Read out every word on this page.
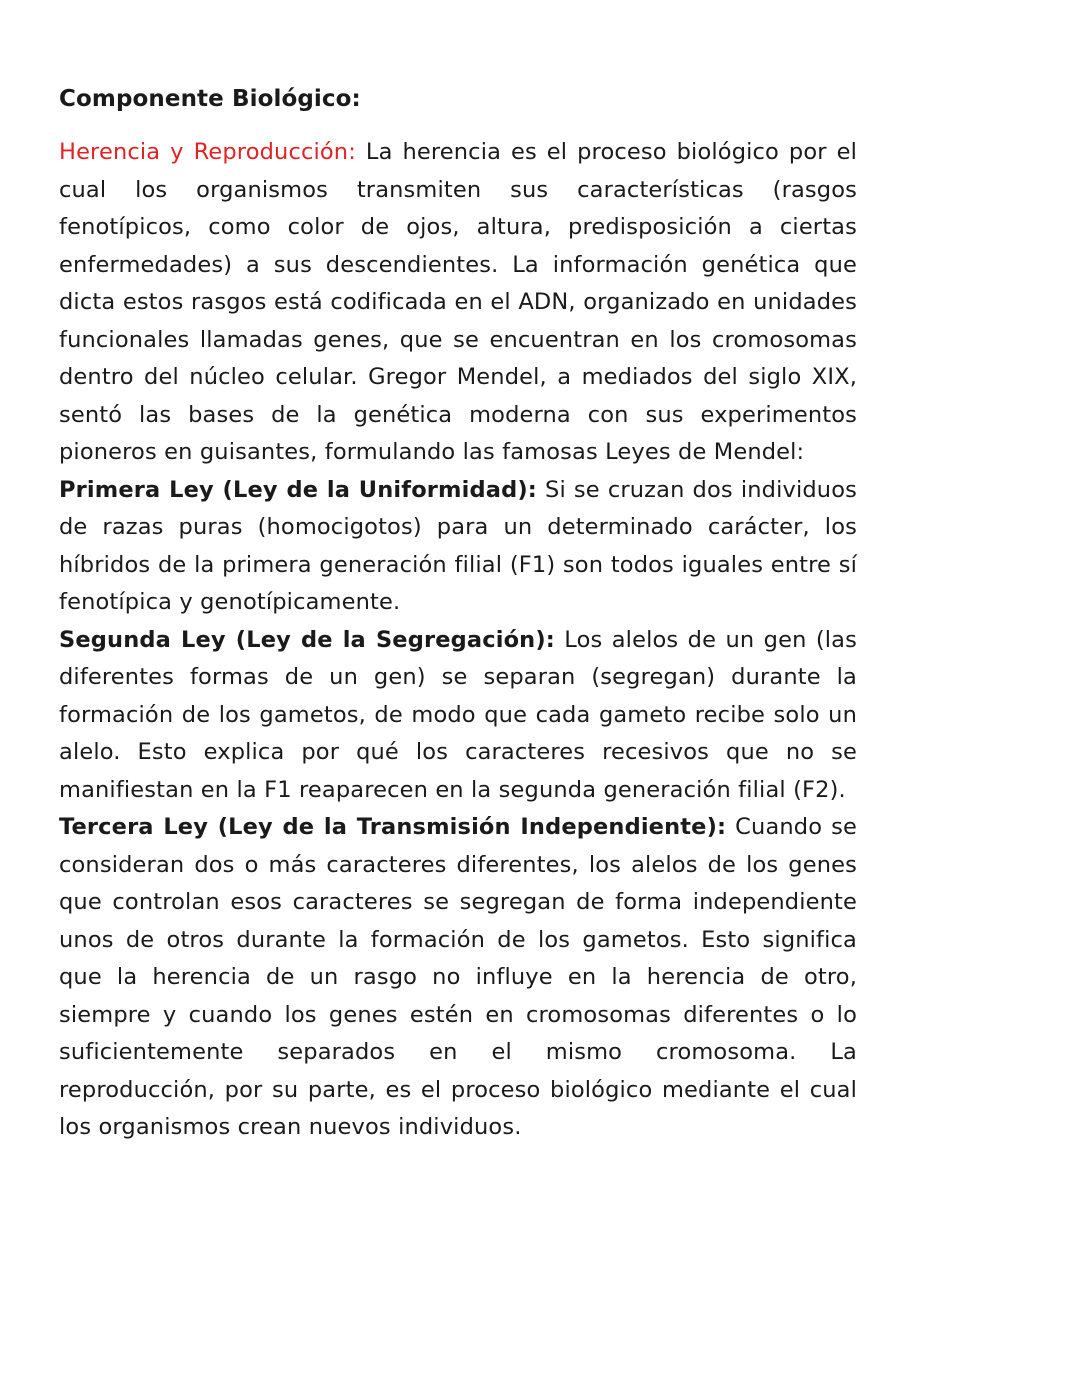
Componente Biológico:

Herencia y Reproducción: La herencia es el proceso biológico por el cual los organismos transmiten sus características (rasgos fenotípicos, como color de ojos, altura, predisposición a ciertas enfermedades) a sus descendientes. La información genética que dicta estos rasgos está codificada en el ADN, organizado en unidades funcionales llamadas genes, que se encuentran en los cromosomas dentro del núcleo celular. Gregor Mendel, a mediados del siglo XIX, sentó las bases de la genética moderna con sus experimentos pioneros en guisantes, formulando las famosas Leyes de Mendel:

Primera Ley (Ley de la Uniformidad): Si se cruzan dos individuos de razas puras (homocigotos) para un determinado carácter, los híbridos de la primera generación filial (F1) son todos iguales entre sí fenotípica y genotípicamente.

Segunda Ley (Ley de la Segregación): Los alelos de un gen (las diferentes formas de un gen) se separan (segregan) durante la formación de los gametos, de modo que cada gameto recibe solo un alelo. Esto explica por qué los caracteres recesivos que no se manifiestan en la F1 reaparecen en la segunda generación filial (F2).

Tercera Ley (Ley de la Transmisión Independiente): Cuando se consideran dos o más caracteres diferentes, los alelos de los genes que controlan esos caracteres se segregan de forma independiente unos de otros durante la formación de los gametos. Esto significa que la herencia de un rasgo no influye en la herencia de otro, siempre y cuando los genes estén en cromosomas diferentes o lo suficientemente separados en el mismo cromosoma. La reproducción, por su parte, es el proceso biológico mediante el cual los organismos crean nuevos individuos.
